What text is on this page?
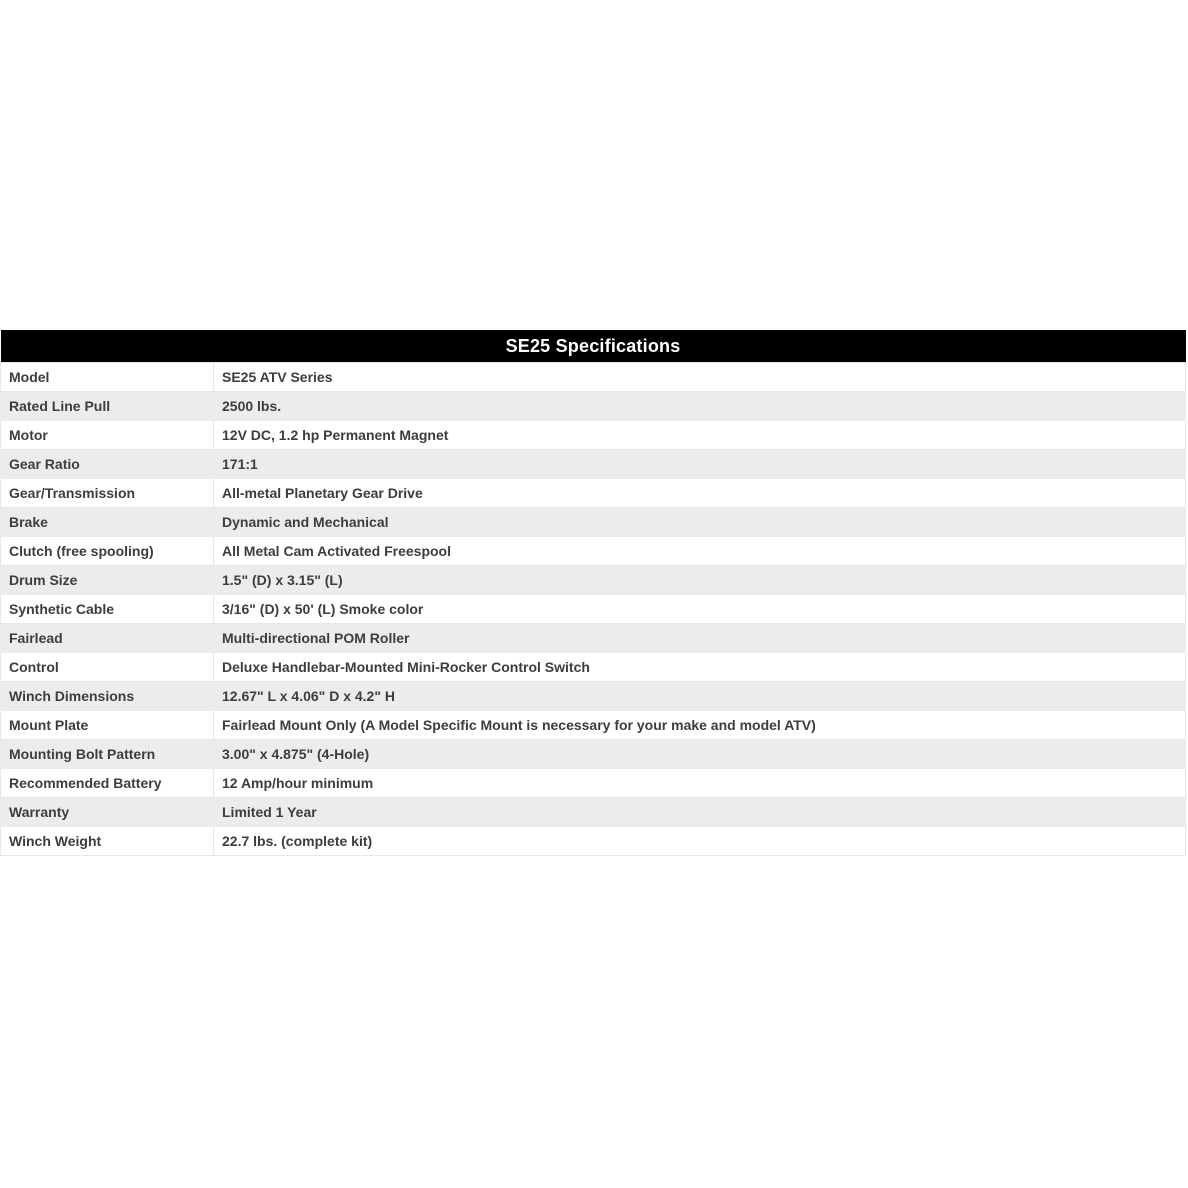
SE25 Specifications	
Model	SE25 ATV Series
Rated Line Pull	2500 lbs.
Motor	12V DC, 1.2 hp Permanent Magnet
Gear Ratio	171:1
Gear/Transmission	All-metal Planetary Gear Drive
Brake	Dynamic and Mechanical
Clutch (free spooling)	All Metal Cam Activated Freespool
Drum Size	1.5" (D) x 3.15" (L)
Synthetic Cable	3/16" (D) x 50' (L) Smoke color
Fairlead	Multi-directional POM Roller
Control	Deluxe Handlebar-Mounted Mini-Rocker Control Switch
Winch Dimensions	12.67" L x 4.06" D x 4.2" H
Mount Plate	Fairlead Mount Only (A Model Specific Mount is necessary for your make and model ATV)
Mounting Bolt Pattern	3.00" x 4.875" (4-Hole)
Recommended Battery	12 Amp/hour minimum
Warranty	Limited 1 Year
Winch Weight	22.7 lbs. (complete kit)
